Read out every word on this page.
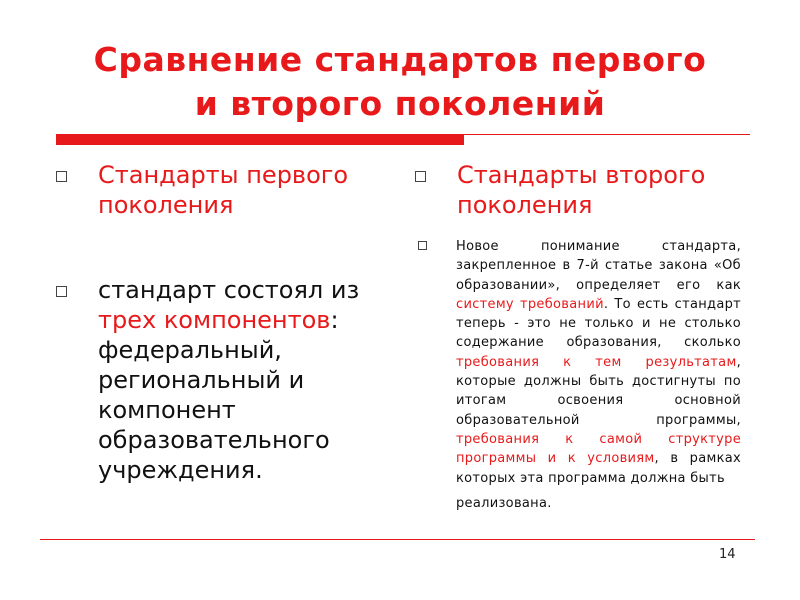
Сравнение стандартов первого
и второго поколений
Стандарты первого поколения
стандарт состоял из трех компонентов: федеральный, региональный и компонент образовательного учреждения.
Стандарты второго поколения
Новое понимание стандарта, закрепленное в 7-й статье закона «Об образовании», определяет его как систему требований. То есть стандарт теперь - это не только и не столько содержание образования, сколько требования к тем результатам, которые должны быть достигнуты по итогам освоения основной образовательной программы, требования к самой структуре программы и к условиям, в рамках которых эта программа должна быть
реализована.
14
